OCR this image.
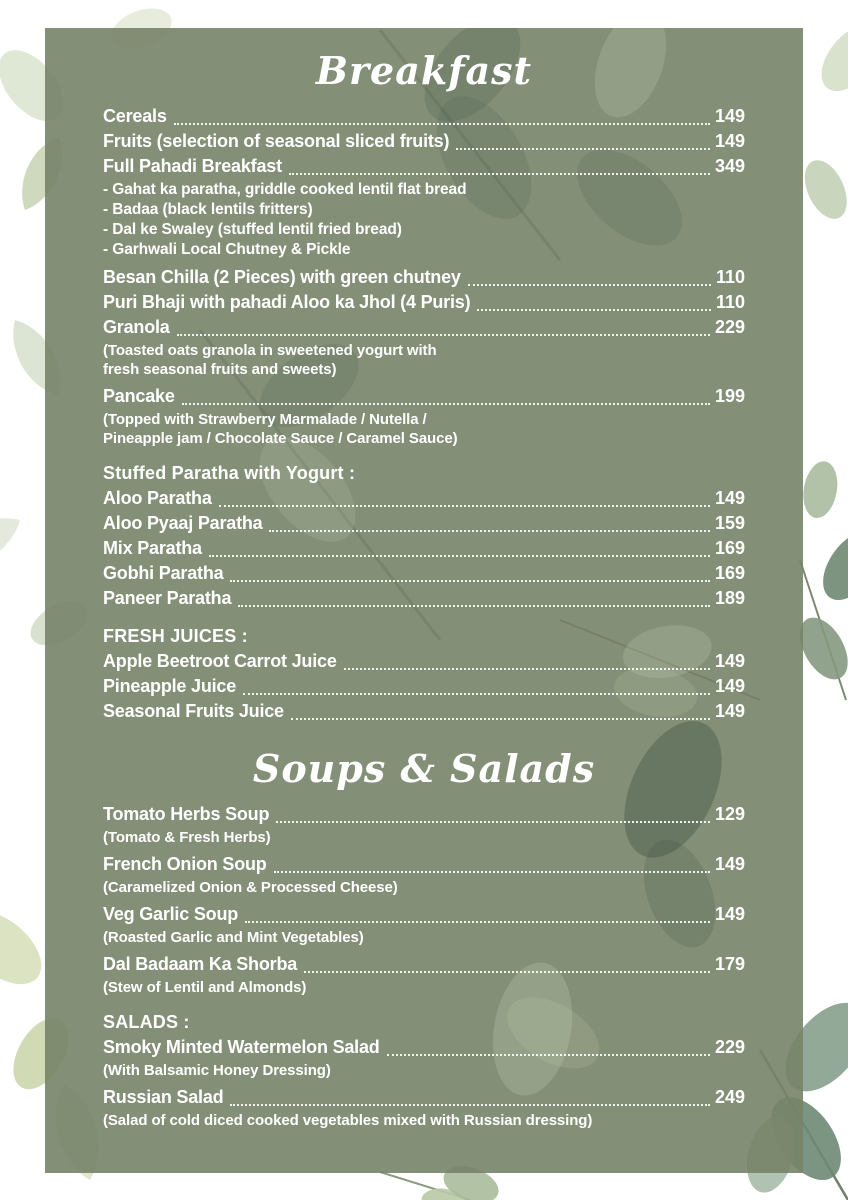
Breakfast
Cereals	149
Fruits (selection of seasonal sliced fruits)	149
Full Pahadi Breakfast	349
- Gahat ka paratha, griddle cooked lentil flat bread
- Badaa (black lentils fritters)
- Dal ke Swaley (stuffed lentil fried bread)
- Garhwali Local Chutney & Pickle
Besan Chilla (2 Pieces) with green chutney	110
Puri Bhaji with pahadi Aloo ka Jhol (4 Puris)	110
Granola	229
(Toasted oats granola in sweetened yogurt with
fresh seasonal fruits and sweets)
Pancake	199
(Topped with Strawberry Marmalade / Nutella /
Pineapple jam / Chocolate Sauce / Caramel Sauce)
Stuffed Paratha with Yogurt :
Aloo Paratha	149
Aloo Pyaaj Paratha	159
Mix Paratha	169
Gobhi Paratha	169
Paneer Paratha	189
FRESH JUICES :
Apple Beetroot Carrot Juice	149
Pineapple Juice	149
Seasonal Fruits Juice	149
Soups & Salads
Tomato Herbs Soup	129
(Tomato & Fresh Herbs)
French Onion Soup	149
(Caramelized Onion & Processed Cheese)
Veg Garlic Soup	149
(Roasted Garlic and Mint Vegetables)
Dal Badaam Ka Shorba	179
(Stew of Lentil and Almonds)
SALADS :
Smoky Minted Watermelon Salad	229
(With Balsamic Honey Dressing)
Russian Salad	249
(Salad of cold diced cooked vegetables mixed with Russian dressing)
